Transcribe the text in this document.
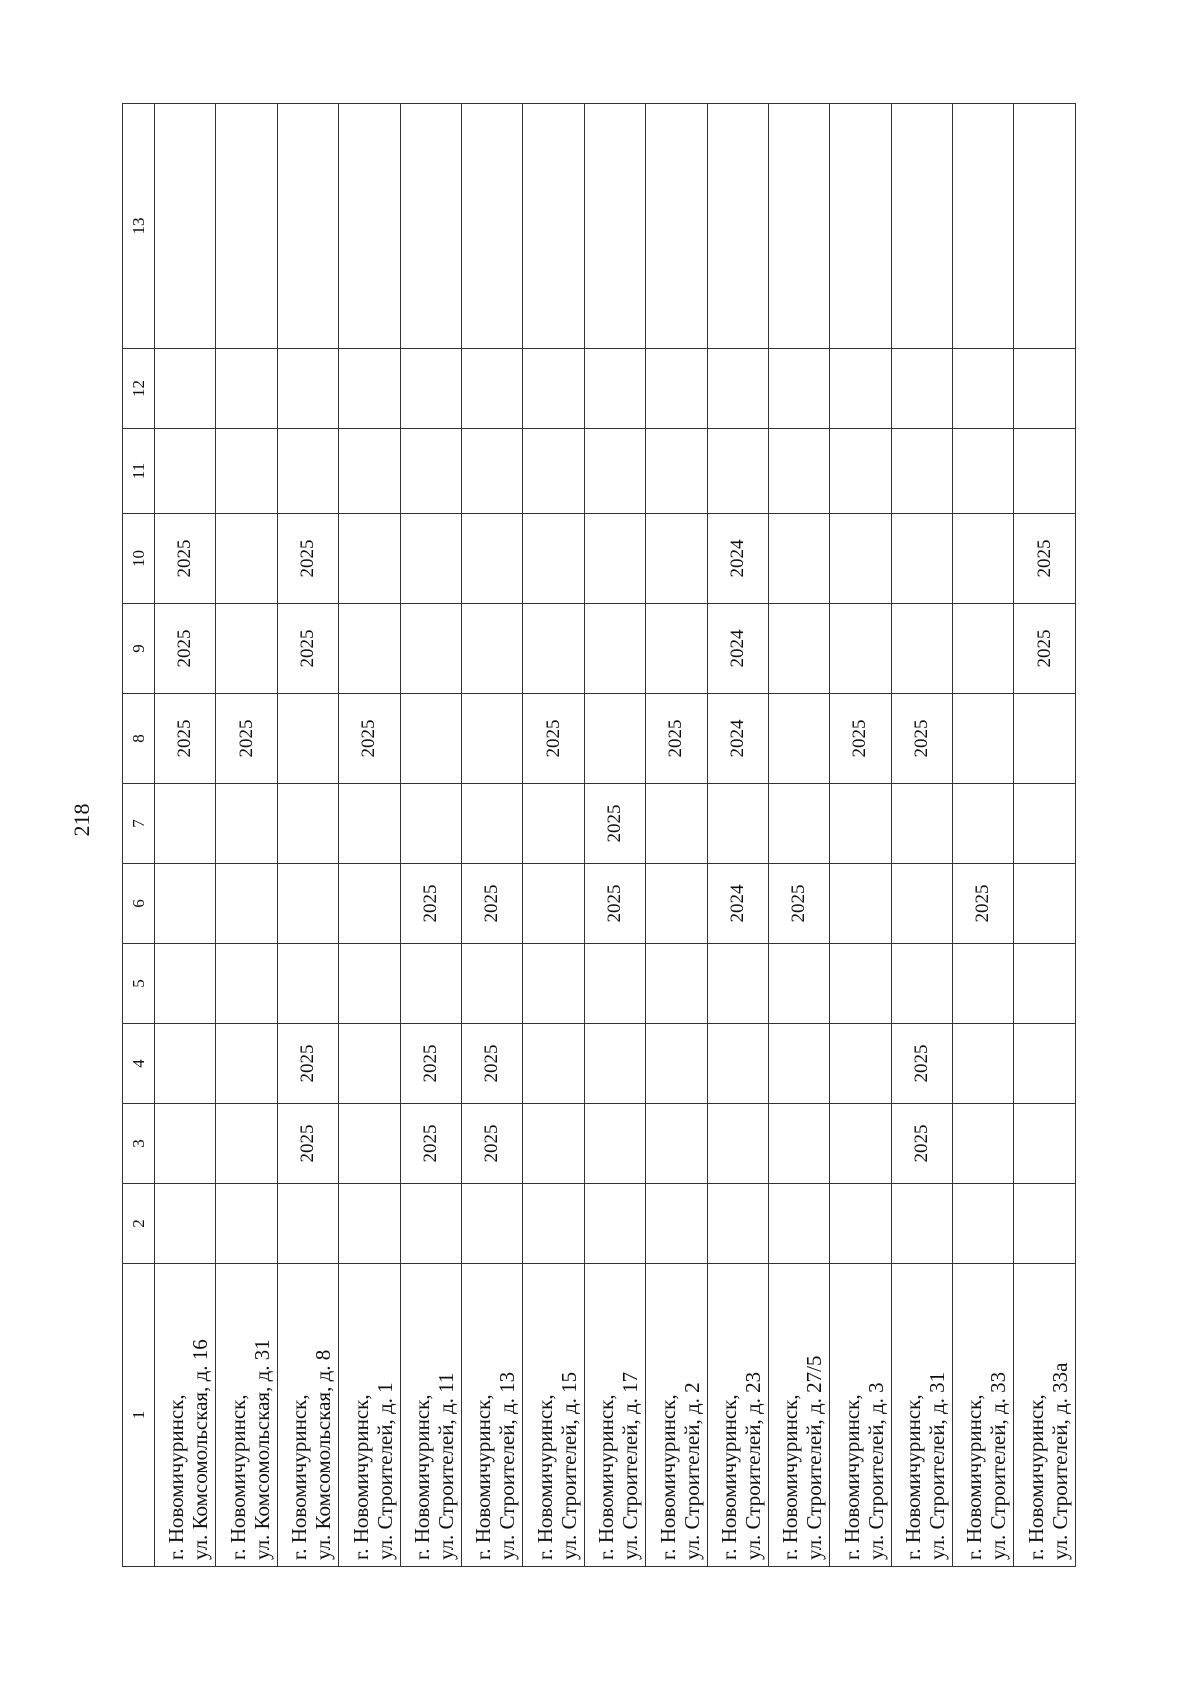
218
1	2	3	4	5	6	7	8	9	10	11	12	13

г. Новомичуринск, ул. Комсомольская, д. 16							2025	2025	2025			

г. Новомичуринск, ул. Комсомольская, д. 31							2025					

г. Новомичуринск, ул. Комсомольская, д. 8		2025	2025					2025	2025			

г. Новомичуринск, ул. Строителей, д. 1							2025					

г. Новомичуринск, ул. Строителей, д. 11		2025	2025		2025							

г. Новомичуринск, ул. Строителей, д. 13		2025	2025		2025							

г. Новомичуринск, ул. Строителей, д. 15							2025					

г. Новомичуринск, ул. Строителей, д. 17					2025	2025						

г. Новомичуринск, ул. Строителей, д. 2							2025					

г. Новомичуринск, ул. Строителей, д. 23					2024		2024	2024	2024			

г. Новомичуринск, ул. Строителей, д. 27/5					2025							

г. Новомичуринск, ул. Строителей, д. 3							2025					

г. Новомичуринск, ул. Строителей, д. 31		2025	2025				2025					

г. Новомичуринск, ул. Строителей, д. 33					2025							

г. Новомичуринск, ул. Строителей, д. 33а								2025	2025			
